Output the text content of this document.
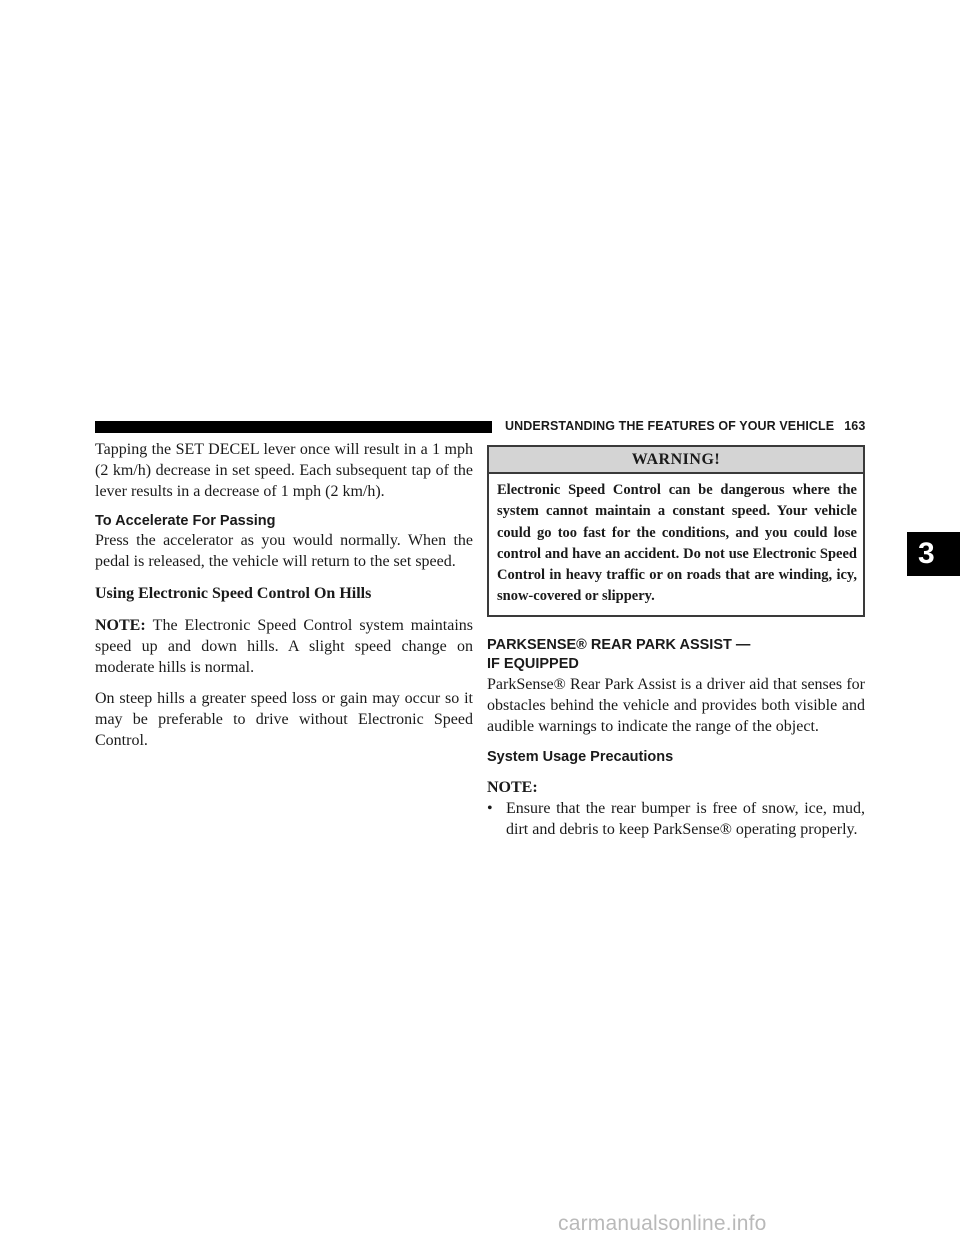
UNDERSTANDING THE FEATURES OF YOUR VEHICLE 163

Tapping the SET DECEL lever once will result in a 1 mph (2 km/h) decrease in set speed. Each subsequent tap of the lever results in a decrease of 1 mph (2 km/h).

To Accelerate For Passing

Press the accelerator as you would normally. When the pedal is released, the vehicle will return to the set speed.

Using Electronic Speed Control On Hills

NOTE: The Electronic Speed Control system maintains speed up and down hills. A slight speed change on moderate hills is normal.

On steep hills a greater speed loss or gain may occur so it may be preferable to drive without Electronic Speed Control.

WARNING!
Electronic Speed Control can be dangerous where the system cannot maintain a constant speed. Your vehicle could go too fast for the conditions, and you could lose control and have an accident. Do not use Electronic Speed Control in heavy traffic or on roads that are winding, icy, snow-covered or slippery.
PARKSENSE® REAR PARK ASSIST —
IF EQUIPPED

ParkSense® Rear Park Assist is a driver aid that senses for obstacles behind the vehicle and provides both visible and audible warnings to indicate the range of the object.

System Usage Precautions

NOTE:

• Ensure that the rear bumper is free of snow, ice, mud, dirt and debris to keep ParkSense® operating properly.
3
carmanualsonline.info
